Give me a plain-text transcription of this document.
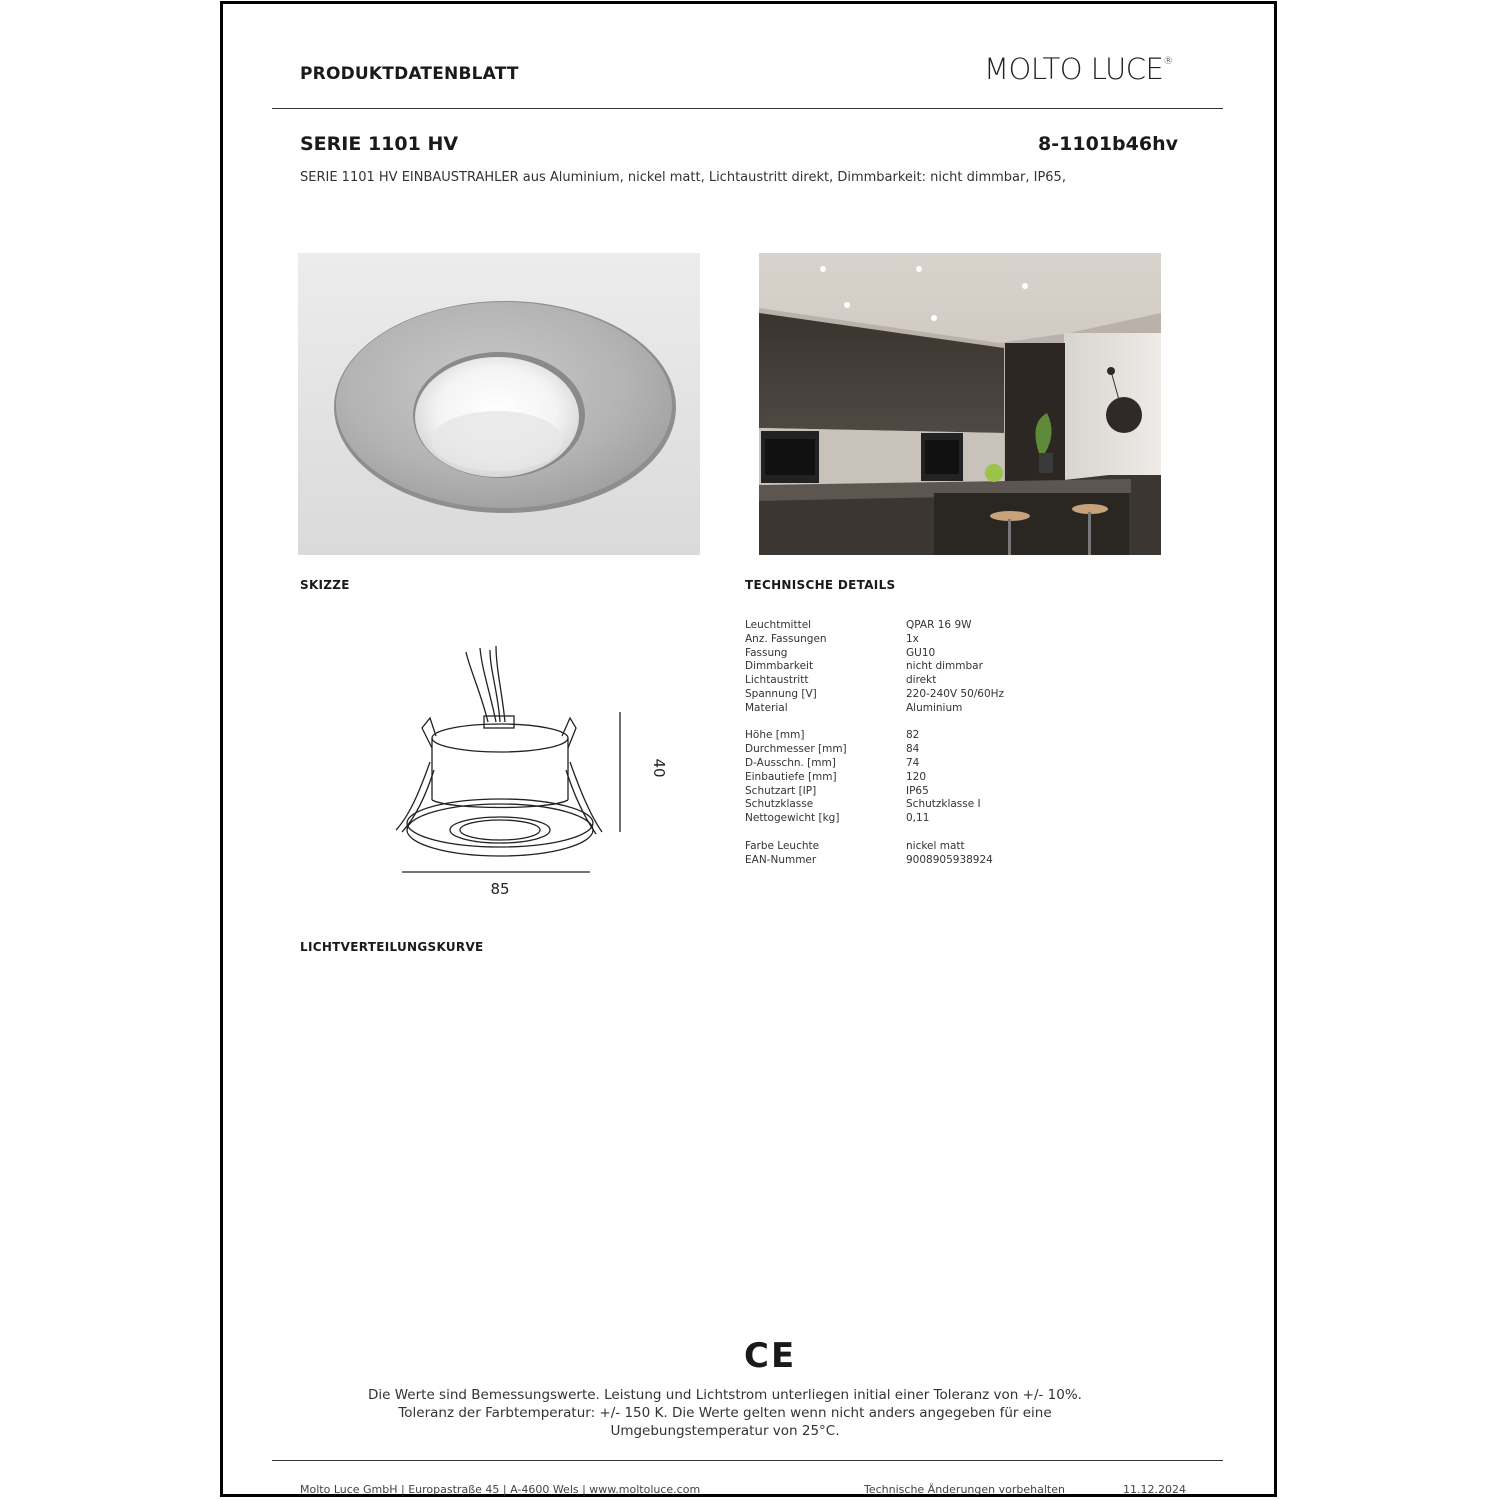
PRODUKTDATENBLATT	MOLTO LUCE®
SERIE 1101 HV	8-1101b46hv
SERIE 1101 HV EINBAUSTRAHLER aus Aluminium, nickel matt, Lichtaustritt direkt, Dimmbarkeit: nicht dimmbar, IP65,
SKIZZE	TECHNISCHE DETAILS
85
40
Leuchtmittel	QPAR 16 9W
Anz. Fassungen	1x
Fassung	GU10
Dimmbarkeit	nicht dimmbar
Lichtaustritt	direkt
Spannung [V]	220-240V 50/60Hz
Material	Aluminium
Höhe [mm]	82
Durchmesser [mm]	84
D-Ausschn. [mm]	74
Einbautiefe [mm]	120
Schutzart [IP]	IP65
Schutzklasse	Schutzklasse I
Nettogewicht [kg]	0,11
Farbe Leuchte	nickel matt
EAN-Nummer	9008905938924
LICHTVERTEILUNGSKURVE
CE
Die Werte sind Bemessungswerte. Leistung und Lichtstrom unterliegen initial einer Toleranz von +/- 10%.
Toleranz der Farbtemperatur: +/- 150 K. Die Werte gelten wenn nicht anders angegeben für eine
Umgebungstemperatur von 25°C.
Molto Luce GmbH | Europastraße 45 | A-4600 Wels | www.moltoluce.com	Technische Änderungen vorbehalten	11.12.2024
